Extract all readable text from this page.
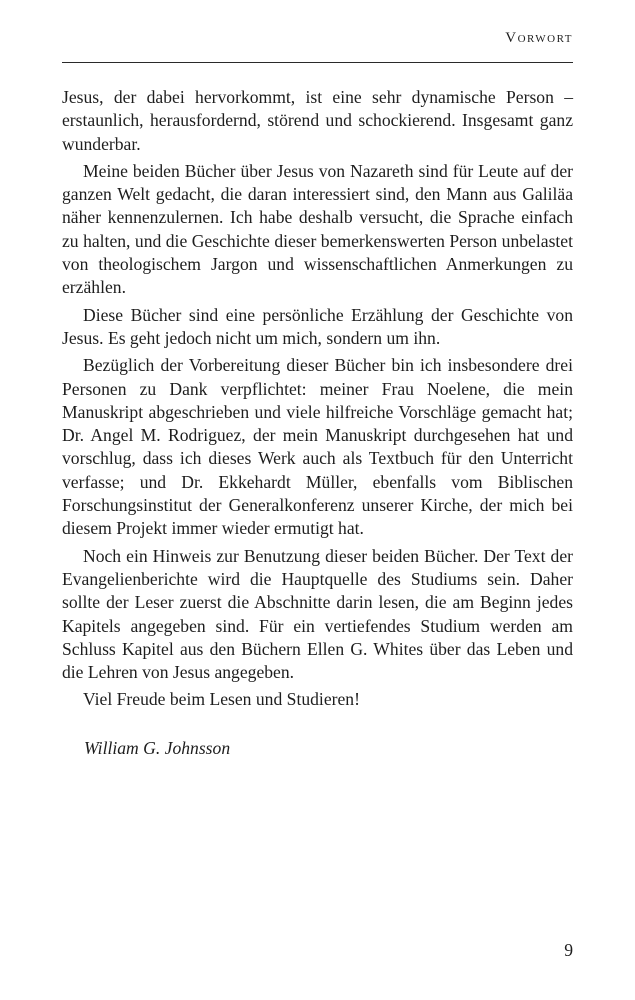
Vorwort

Jesus, der dabei hervorkommt, ist eine sehr dynamische Person – erstaunlich, herausfordernd, störend und schockierend. Insgesamt ganz wunderbar.

Meine beiden Bücher über Jesus von Nazareth sind für Leute auf der ganzen Welt gedacht, die daran interessiert sind, den Mann aus Galiläa näher kennenzulernen. Ich habe deshalb versucht, die Sprache einfach zu halten, und die Geschichte dieser bemerkenswerten Person unbelastet von theologischem Jargon und wissenschaftlichen Anmerkungen zu erzählen.

Diese Bücher sind eine persönliche Erzählung der Geschichte von Jesus. Es geht jedoch nicht um mich, sondern um ihn.

Bezüglich der Vorbereitung dieser Bücher bin ich insbesondere drei Personen zu Dank verpflichtet: meiner Frau Noelene, die mein Manuskript abgeschrieben und viele hilfreiche Vorschläge gemacht hat; Dr. Angel M. Rodriguez, der mein Manuskript durchgesehen hat und vorschlug, dass ich dieses Werk auch als Textbuch für den Unterricht verfasse; und Dr. Ekkehardt Müller, ebenfalls vom Biblischen Forschungsinstitut der Generalkonferenz unserer Kirche, der mich bei diesem Projekt immer wieder ermutigt hat.

Noch ein Hinweis zur Benutzung dieser beiden Bücher. Der Text der Evangelienberichte wird die Hauptquelle des Studiums sein. Daher sollte der Leser zuerst die Abschnitte darin lesen, die am Beginn jedes Kapitels angegeben sind. Für ein vertiefendes Studium werden am Schluss Kapitel aus den Büchern Ellen G. Whites über das Leben und die Lehren von Jesus angegeben.

Viel Freude beim Lesen und Studieren!

William G. Johnsson
9
